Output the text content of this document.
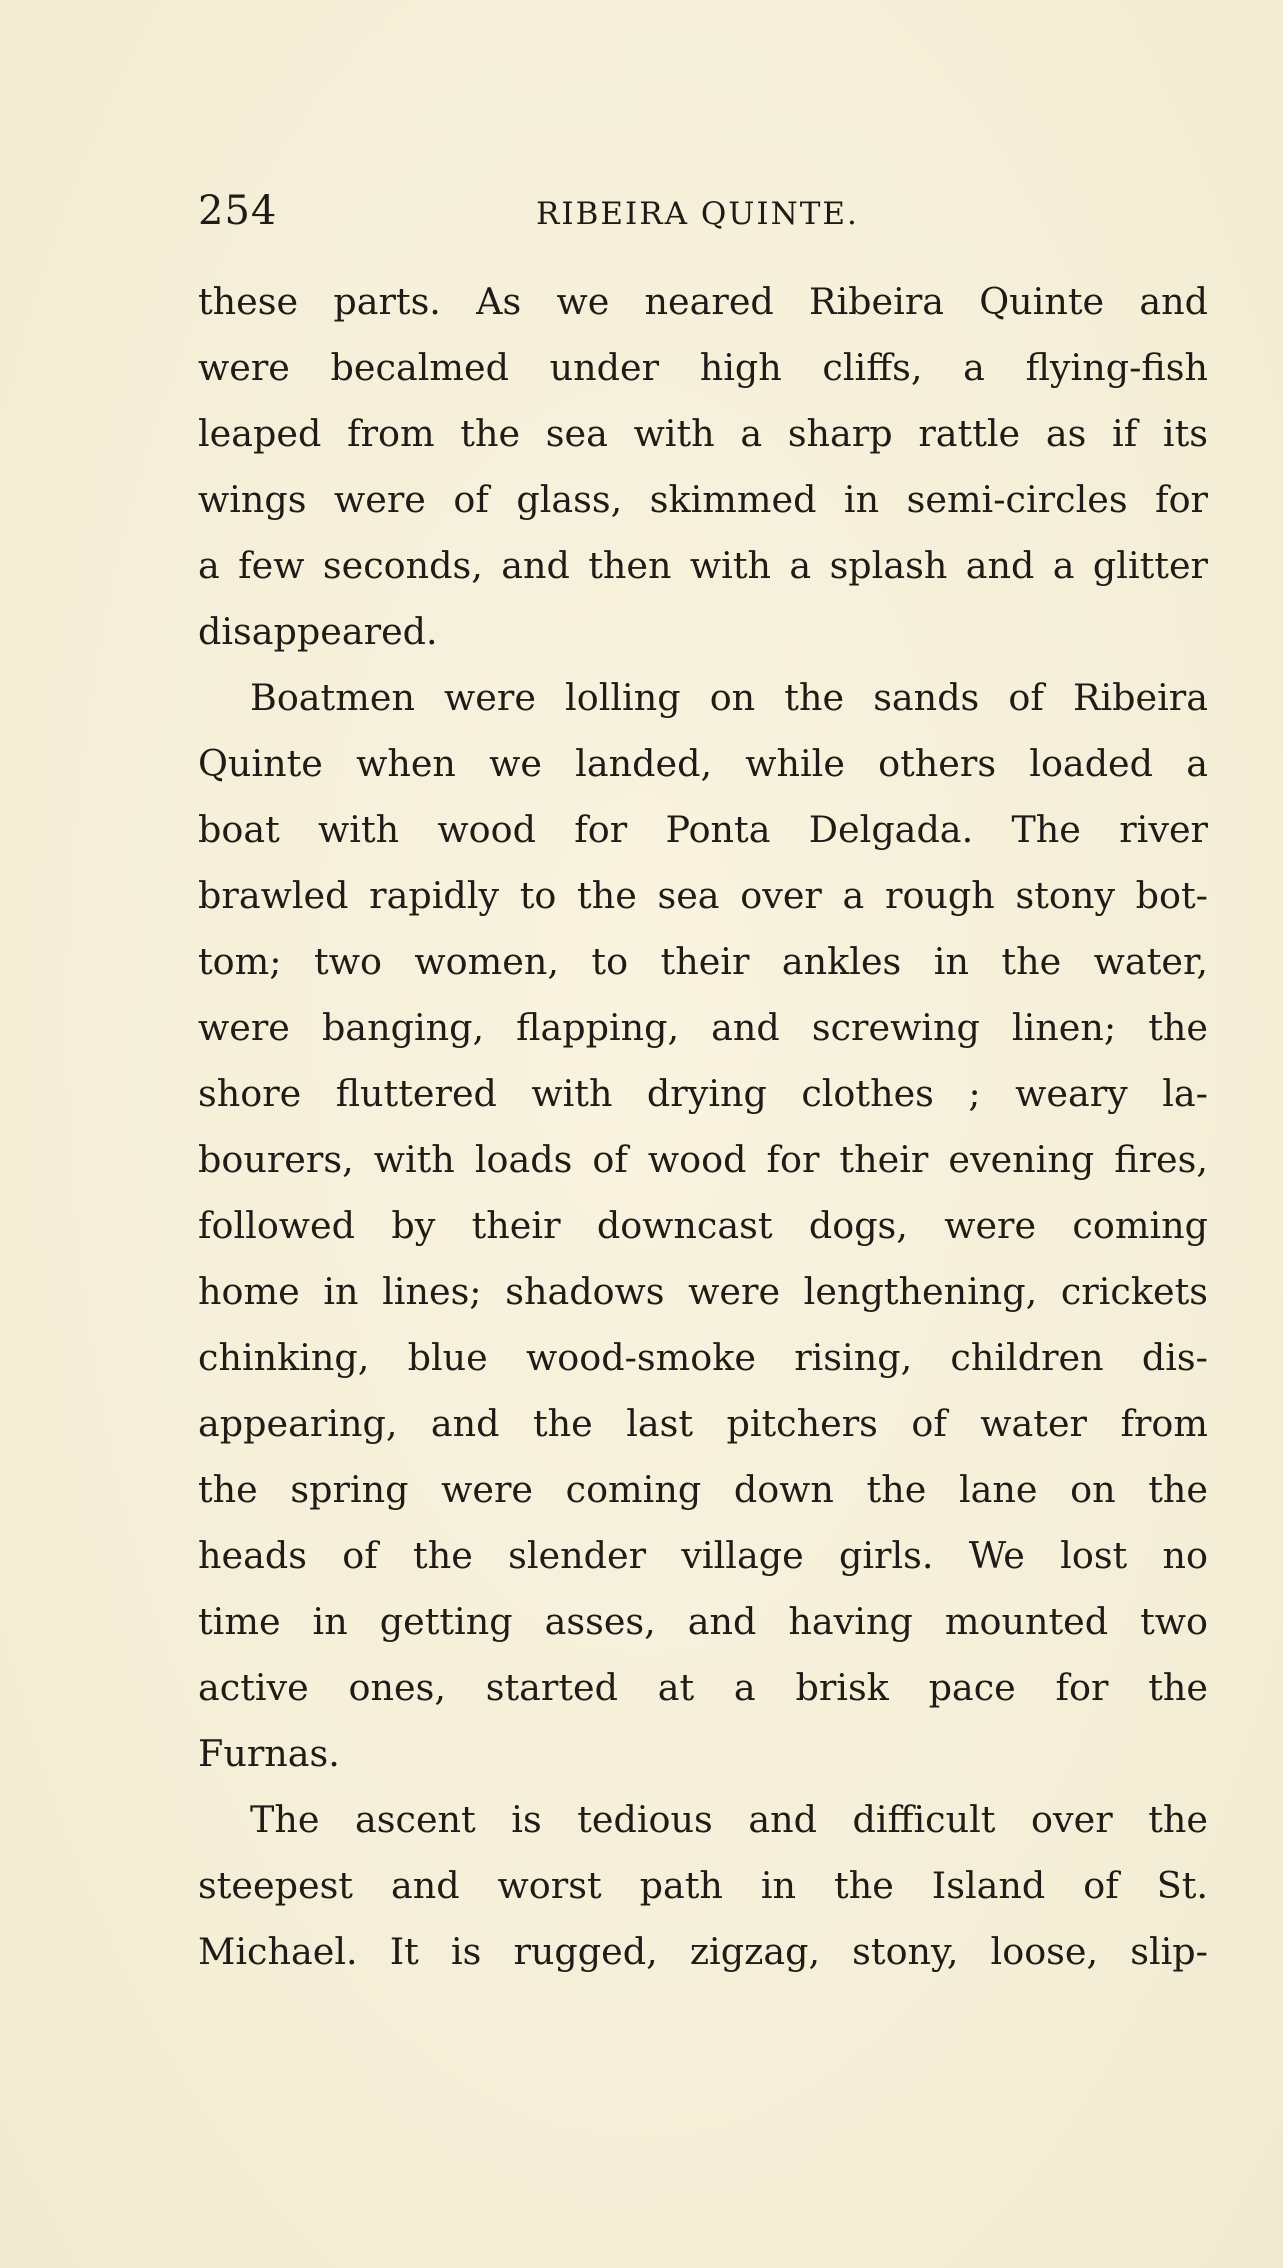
254	RIBEIRA QUINTE.
these parts. As we neared Ribeira Quinte and
were becalmed under high cliffs, a flying-fish
leaped from the sea with a sharp rattle as if its
wings were of glass, skimmed in semi-circles for
a few seconds, and then with a splash and a glitter
disappeared.
Boatmen were lolling on the sands of Ribeira
Quinte when we landed, while others loaded a
boat with wood for Ponta Delgada. The river
brawled rapidly to the sea over a rough stony bot-
tom; two women, to their ankles in the water,
were banging, flapping, and screwing linen; the
shore fluttered with drying clothes ; weary la-
bourers, with loads of wood for their evening fires,
followed by their downcast dogs, were coming
home in lines; shadows were lengthening, crickets
chinking, blue wood-smoke rising, children dis-
appearing, and the last pitchers of water from
the spring were coming down the lane on the
heads of the slender village girls. We lost no
time in getting asses, and having mounted two
active ones, started at a brisk pace for the
Furnas.
The ascent is tedious and difficult over the
steepest and worst path in the Island of St.
Michael. It is rugged, zigzag, stony, loose, slip-
